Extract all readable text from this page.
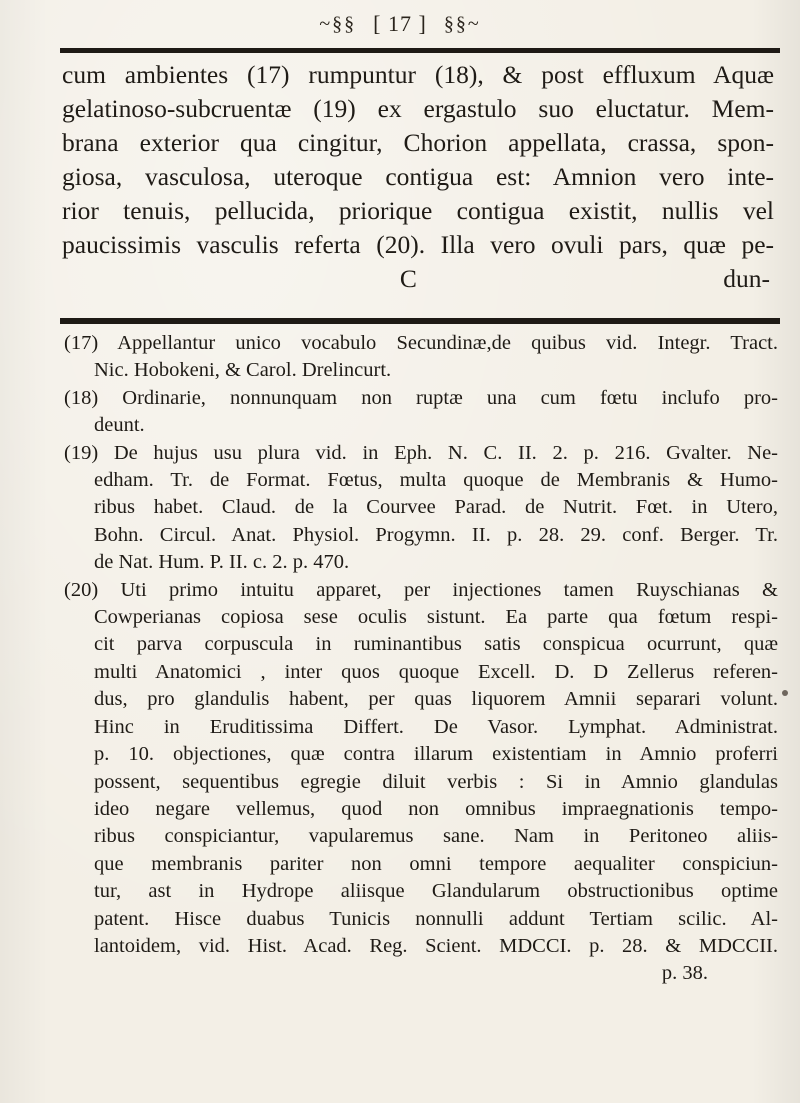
~§§ [ 17 ] §§~
cum ambientes (17) rumpuntur (18), & post effluxum Aquæ
gelatinoso-subcruentæ (19) ex ergastulo suo eluctatur. Mem-
brana exterior qua cingitur, Chorion appellata, crassa, spon-
giosa, vasculosa, uteroque contigua est: Amnion vero inte-
rior tenuis, pellucida, priorique contigua existit, nullis vel
paucissimis vasculis referta (20). Illa vero ovuli pars, quæ pe-
C	dun-
(17) Appellantur unico vocabulo Secundinæ,de quibus vid. Integr. Tract.
Nic. Hobokeni, & Carol. Drelincurt.
(18) Ordinarie, nonnunquam non ruptæ una cum fœtu inclufo pro-
deunt.
(19) De hujus usu plura vid. in Eph. N. C. II. 2. p. 216. Gvalter. Ne-
edham. Tr. de Format. Fœtus, multa quoque de Membranis & Humo-
ribus habet. Claud. de la Courvee Parad. de Nutrit. Fœt. in Utero,
Bohn. Circul. Anat. Physiol. Progymn. II. p. 28. 29. conf. Berger. Tr.
de Nat. Hum. P. II. c. 2. p. 470.
(20) Uti primo intuitu apparet, per injectiones tamen Ruyschianas &
Cowperianas copiosa sese oculis sistunt. Ea parte qua fœtum respi-
cit parva corpuscula in ruminantibus satis conspicua ocurrunt, quæ
multi Anatomici , inter quos quoque Excell. D. D Zellerus referen-
dus, pro glandulis habent, per quas liquorem Amnii separari volunt.
Hinc in Eruditissima Differt. De Vasor. Lymphat. Administrat.
p. 10. objectiones, quæ contra illarum existentiam in Amnio proferri
possent, sequentibus egregie diluit verbis : Si in Amnio glandulas
ideo negare vellemus, quod non omnibus impraegnationis tempo-
ribus conspiciantur, vapularemus sane. Nam in Peritoneo aliis-
que membranis pariter non omni tempore aequaliter conspiciun-
tur, ast in Hydrope aliisque Glandularum obstructionibus optime
patent. Hisce duabus Tunicis nonnulli addunt Tertiam scilic. Al-
lantoidem, vid. Hist. Acad. Reg. Scient. MDCCI. p. 28. & MDCCII.
p. 38.
